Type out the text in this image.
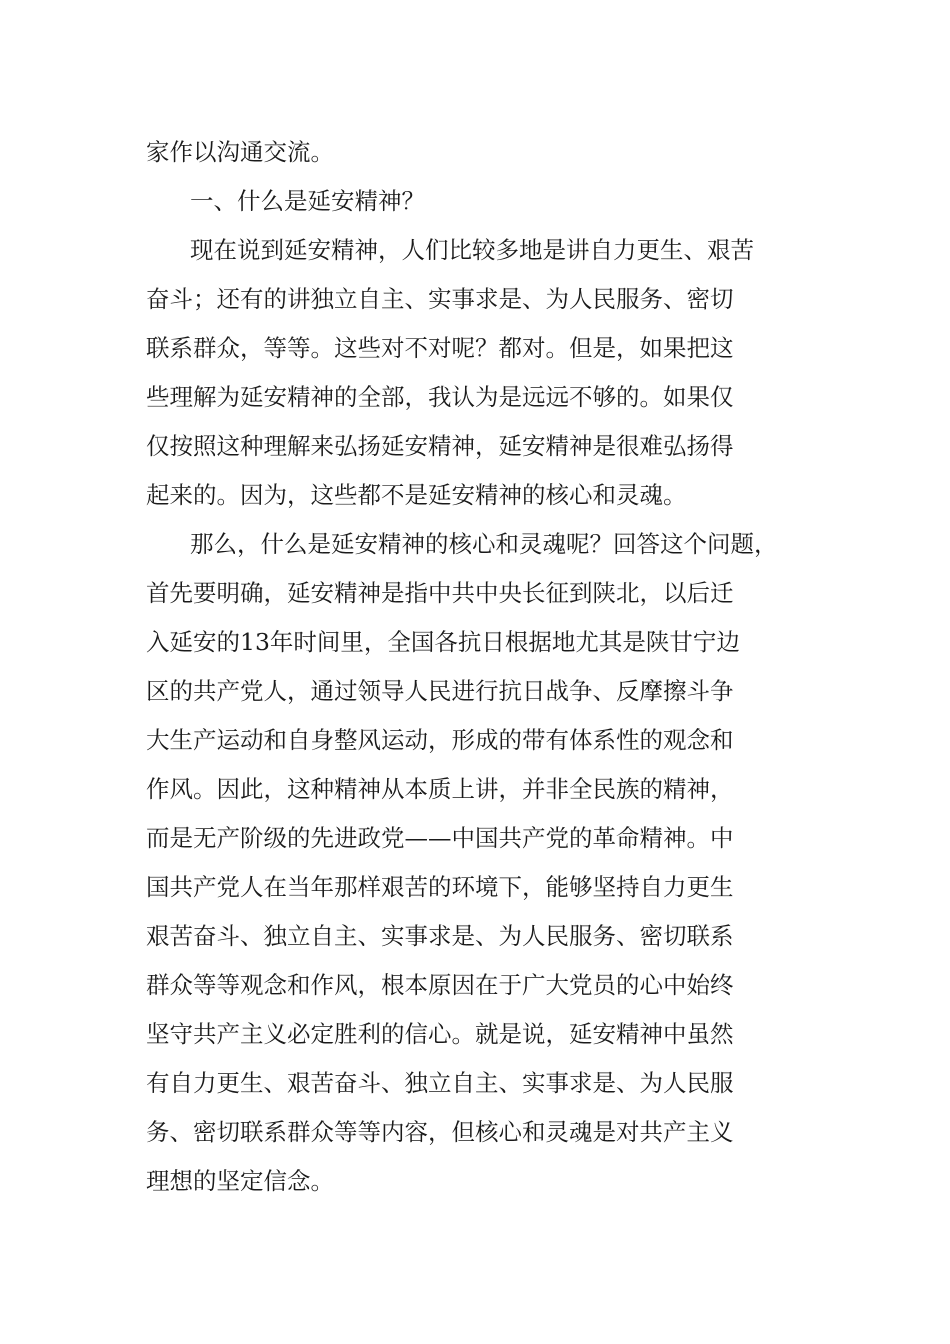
家作以沟通交流。
一、什么是延安精神？
现在说到延安精神，人们比较多地是讲自力更生、艰苦
奋斗；还有的讲独立自主、实事求是、为人民服务、密切
联系群众，等等。这些对不对呢？都对。但是，如果把这
些理解为延安精神的全部，我认为是远远不够的。如果仅
仅按照这种理解来弘扬延安精神，延安精神是很难弘扬得
起来的。因为，这些都不是延安精神的核心和灵魂。
那么，什么是延安精神的核心和灵魂呢？回答这个问题，
首先要明确，延安精神是指中共中央长征到陕北，以后迁
入延安的13年时间里，全国各抗日根据地尤其是陕甘宁边
区的共产党人，通过领导人民进行抗日战争、反摩擦斗争
大生产运动和自身整风运动，形成的带有体系性的观念和
作风。因此，这种精神从本质上讲，并非全民族的精神，
而是无产阶级的先进政党——中国共产党的革命精神。中
国共产党人在当年那样艰苦的环境下，能够坚持自力更生
艰苦奋斗、独立自主、实事求是、为人民服务、密切联系
群众等等观念和作风，根本原因在于广大党员的心中始终
坚守共产主义必定胜利的信心。就是说，延安精神中虽然
有自力更生、艰苦奋斗、独立自主、实事求是、为人民服
务、密切联系群众等等内容，但核心和灵魂是对共产主义
理想的坚定信念。
